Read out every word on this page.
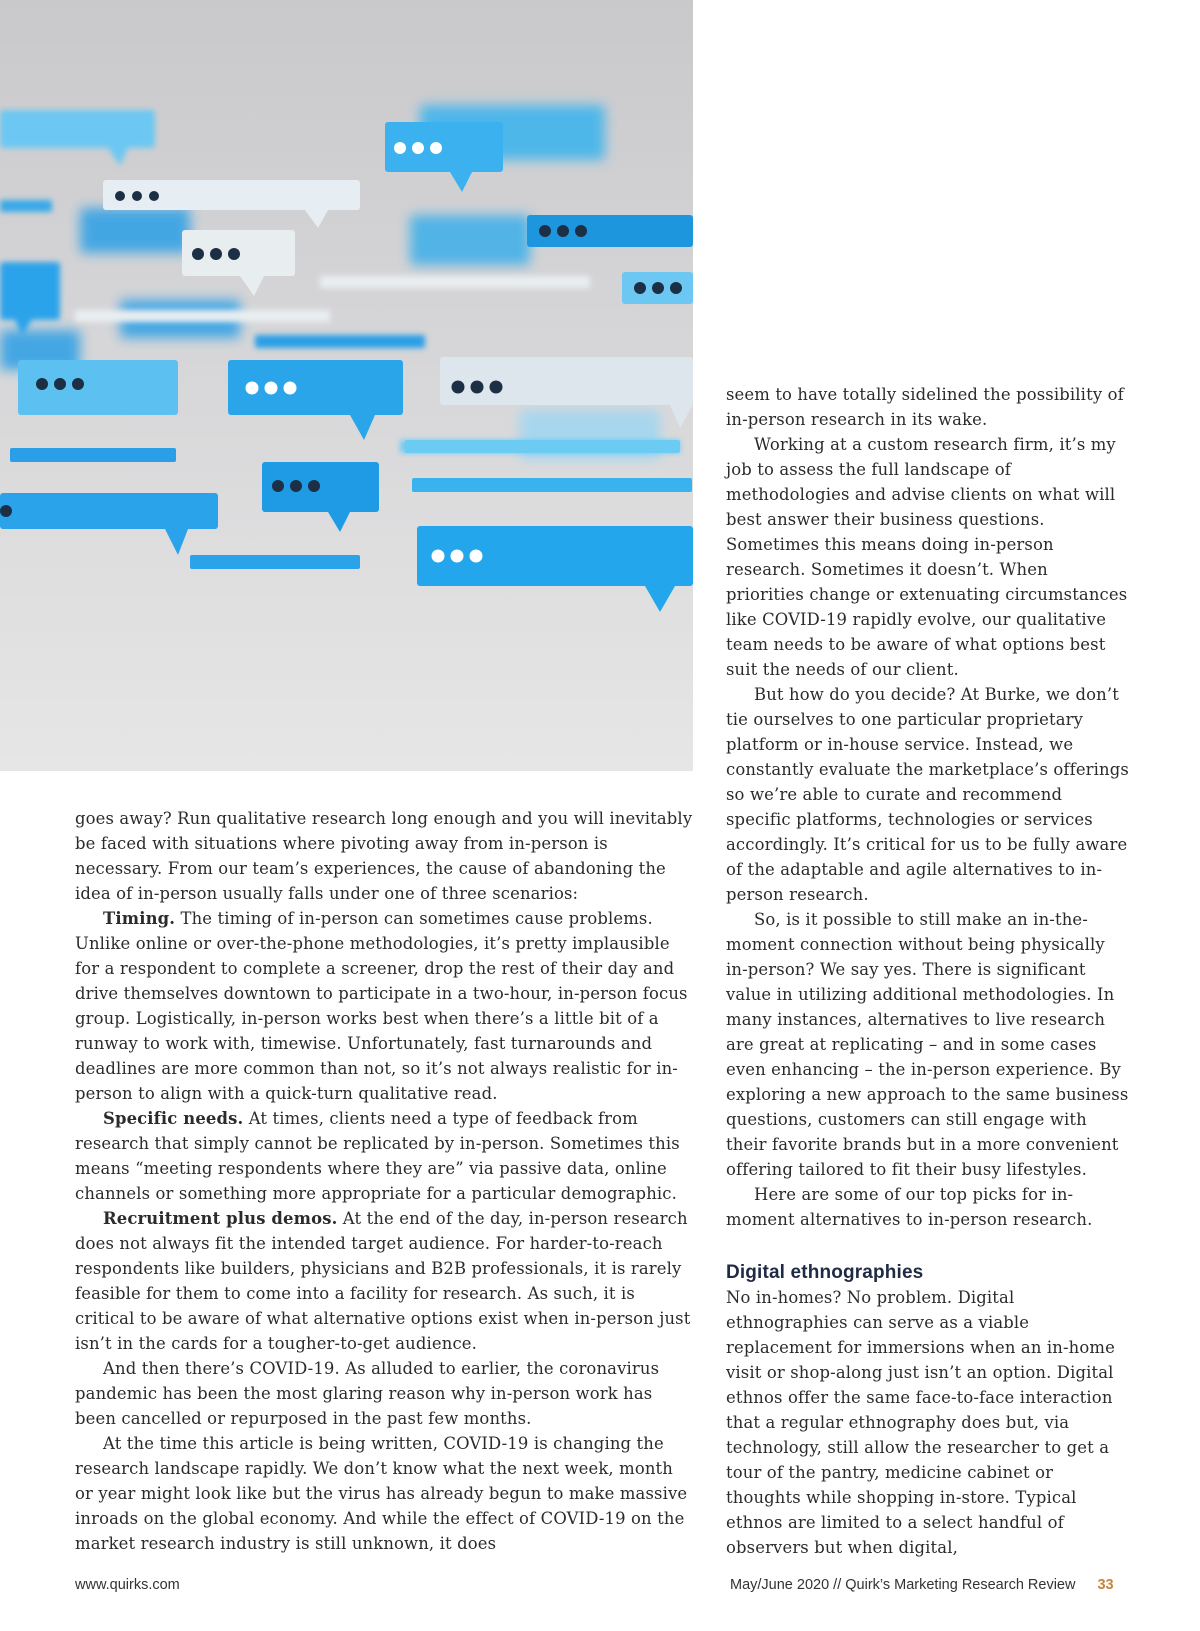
goes away? Run qualitative research long enough and you will inevitably be faced with situations where pivoting away from in-person is necessary. From our team’s experiences, the cause of abandoning the idea of in-person usually falls under one of three scenarios:

Timing. The timing of in-person can sometimes cause problems. Unlike online or over-the-phone methodologies, it’s pretty implausible for a respondent to complete a screener, drop the rest of their day and drive themselves downtown to participate in a two-hour, in-person focus group. Logistically, in-person works best when there’s a little bit of a runway to work with, timewise. Unfortunately, fast turnarounds and deadlines are more common than not, so it’s not always realistic for in-person to align with a quick-turn qualitative read.

Specific needs. At times, clients need a type of feedback from research that simply cannot be replicated by in-person. Sometimes this means “meeting respondents where they are” via passive data, online channels or something more appropriate for a particular demographic.

Recruitment plus demos. At the end of the day, in-person research does not always fit the intended target audience. For harder-to-reach respondents like builders, physicians and B2B professionals, it is rarely feasible for them to come into a facility for research. As such, it is critical to be aware of what alternative options exist when in-person just isn’t in the cards for a tougher-to-get audience.

And then there’s COVID-19. As alluded to earlier, the coronavirus pandemic has been the most glaring reason why in-person work has been cancelled or repurposed in the past few months.

At the time this article is being written, COVID-19 is changing the research landscape rapidly. We don’t know what the next week, month or year might look like but the virus has already begun to make massive inroads on the global economy. And while the effect of COVID-19 on the market research industry is still unknown, it does

seem to have totally sidelined the possibility of in-person research in its wake.

Working at a custom research firm, it’s my job to assess the full landscape of methodologies and advise clients on what will best answer their business questions. Sometimes this means doing in-person research. Sometimes it doesn’t. When priorities change or extenuating circumstances like COVID-19 rapidly evolve, our qualitative team needs to be aware of what options best suit the needs of our client.

But how do you decide? At Burke, we don’t tie ourselves to one particular proprietary platform or in-house service. Instead, we constantly evaluate the marketplace’s offerings so we’re able to curate and recommend specific platforms, technologies or services accordingly. It’s critical for us to be fully aware of the adaptable and agile alternatives to in-person research.

So, is it possible to still make an in-the-moment connection without being physically in-person? We say yes. There is significant value in utilizing additional methodologies. In many instances, alternatives to live research are great at replicating – and in some cases even enhancing – the in-person experience. By exploring a new approach to the same business questions, customers can still engage with their favorite brands but in a more convenient offering tailored to fit their busy lifestyles.

Here are some of our top picks for in-moment alternatives to in-person research.

Digital ethnographies

No in-homes? No problem. Digital ethnographies can serve as a viable replacement for immersions when an in-home visit or shop-along just isn’t an option. Digital ethnos offer the same face-to-face interaction that a regular ethnography does but, via technology, still allow the researcher to get a tour of the pantry, medicine cabinet or thoughts while shopping in-store. Typical ethnos are limited to a select handful of observers but when digital,

www.quirks.com	May/June 2020 // Quirk’s Marketing Research Review 33
